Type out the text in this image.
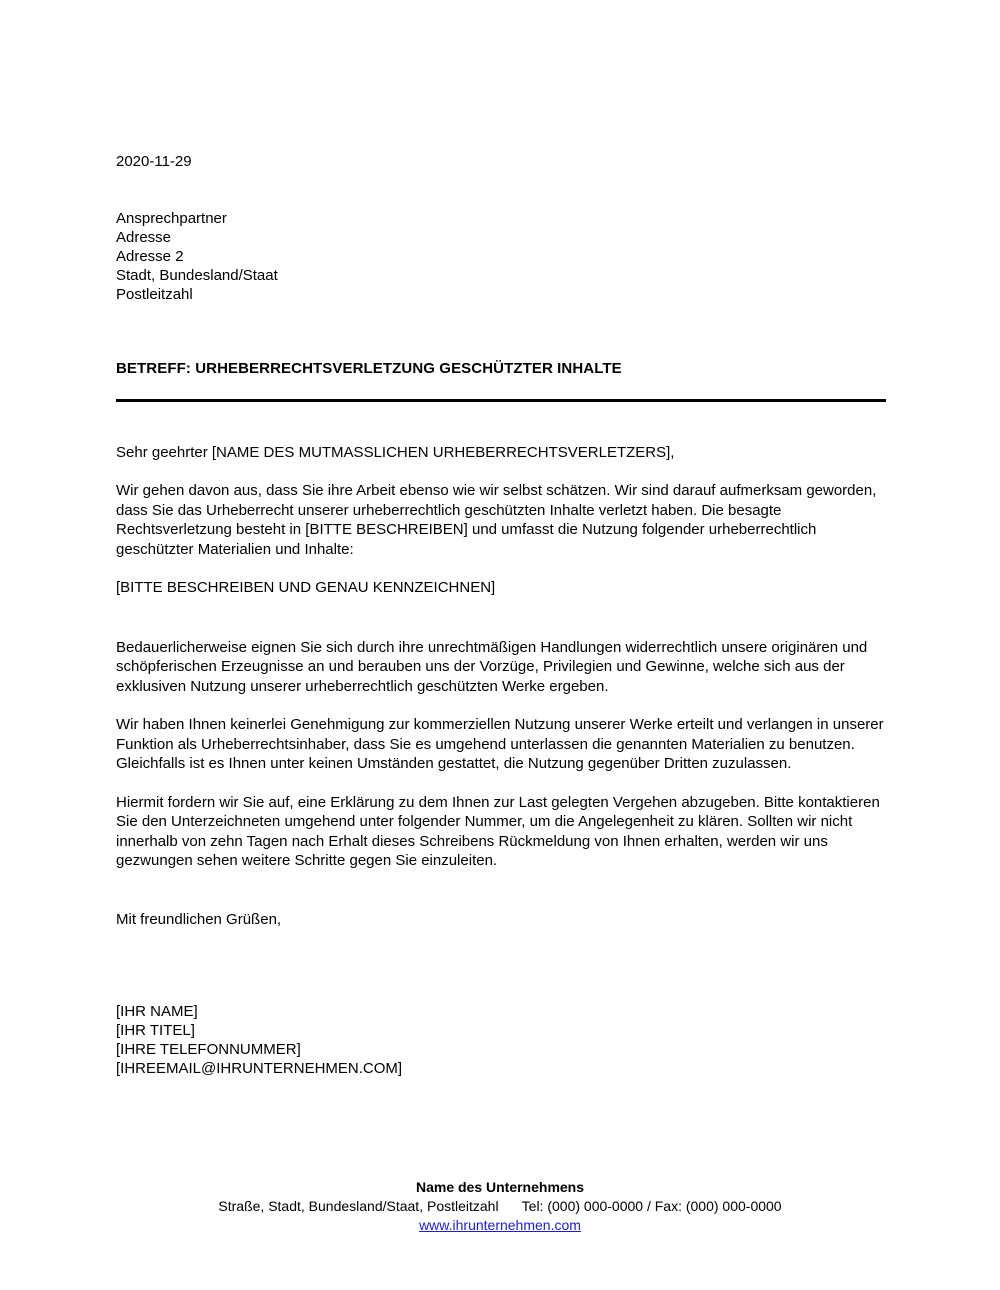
2020-11-29
Ansprechpartner
Adresse
Adresse 2
Stadt, Bundesland/Staat
Postleitzahl
BETREFF: URHEBERRECHTSVERLETZUNG GESCHÜTZTER INHALTE
Sehr geehrter [NAME DES MUTMASSLICHEN URHEBERRECHTSVERLETZERS],

Wir gehen davon aus, dass Sie ihre Arbeit ebenso wie wir selbst schätzen. Wir sind darauf aufmerksam geworden, dass Sie das Urheberrecht unserer urheberrechtlich geschützten Inhalte verletzt haben. Die besagte Rechtsverletzung besteht in [BITTE BESCHREIBEN] und umfasst die Nutzung folgender urheberrechtlich geschützter Materialien und Inhalte:

[BITTE BESCHREIBEN UND GENAU KENNZEICHNEN]

Bedauerlicherweise eignen Sie sich durch ihre unrechtmäßigen Handlungen widerrechtlich unsere originären und schöpferischen Erzeugnisse an und berauben uns der Vorzüge, Privilegien und Gewinne, welche sich aus der exklusiven Nutzung unserer urheberrechtlich geschützten Werke ergeben.

Wir haben Ihnen keinerlei Genehmigung zur kommerziellen Nutzung unserer Werke erteilt und verlangen in unserer Funktion als Urheberrechtsinhaber, dass Sie es umgehend unterlassen die genannten Materialien zu benutzen. Gleichfalls ist es Ihnen unter keinen Umständen gestattet, die Nutzung gegenüber Dritten zuzulassen.

Hiermit fordern wir Sie auf, eine Erklärung zu dem Ihnen zur Last gelegten Vergehen abzugeben. Bitte kontaktieren Sie den Unterzeichneten umgehend unter folgender Nummer, um die Angelegenheit zu klären. Sollten wir nicht innerhalb von zehn Tagen nach Erhalt dieses Schreibens Rückmeldung von Ihnen erhalten, werden wir uns gezwungen sehen weitere Schritte gegen Sie einzuleiten.

Mit freundlichen Grüßen,
[IHR NAME]
[IHR TITEL]
[IHRE TELEFONNUMMER]
[IHREEMAIL@IHRUNTERNEHMEN.COM]
Name des Unternehmens
Straße, Stadt, Bundesland/Staat, Postleitzahl      Tel: (000) 000-0000 / Fax: (000) 000-0000
www.ihrunternehmen.com
